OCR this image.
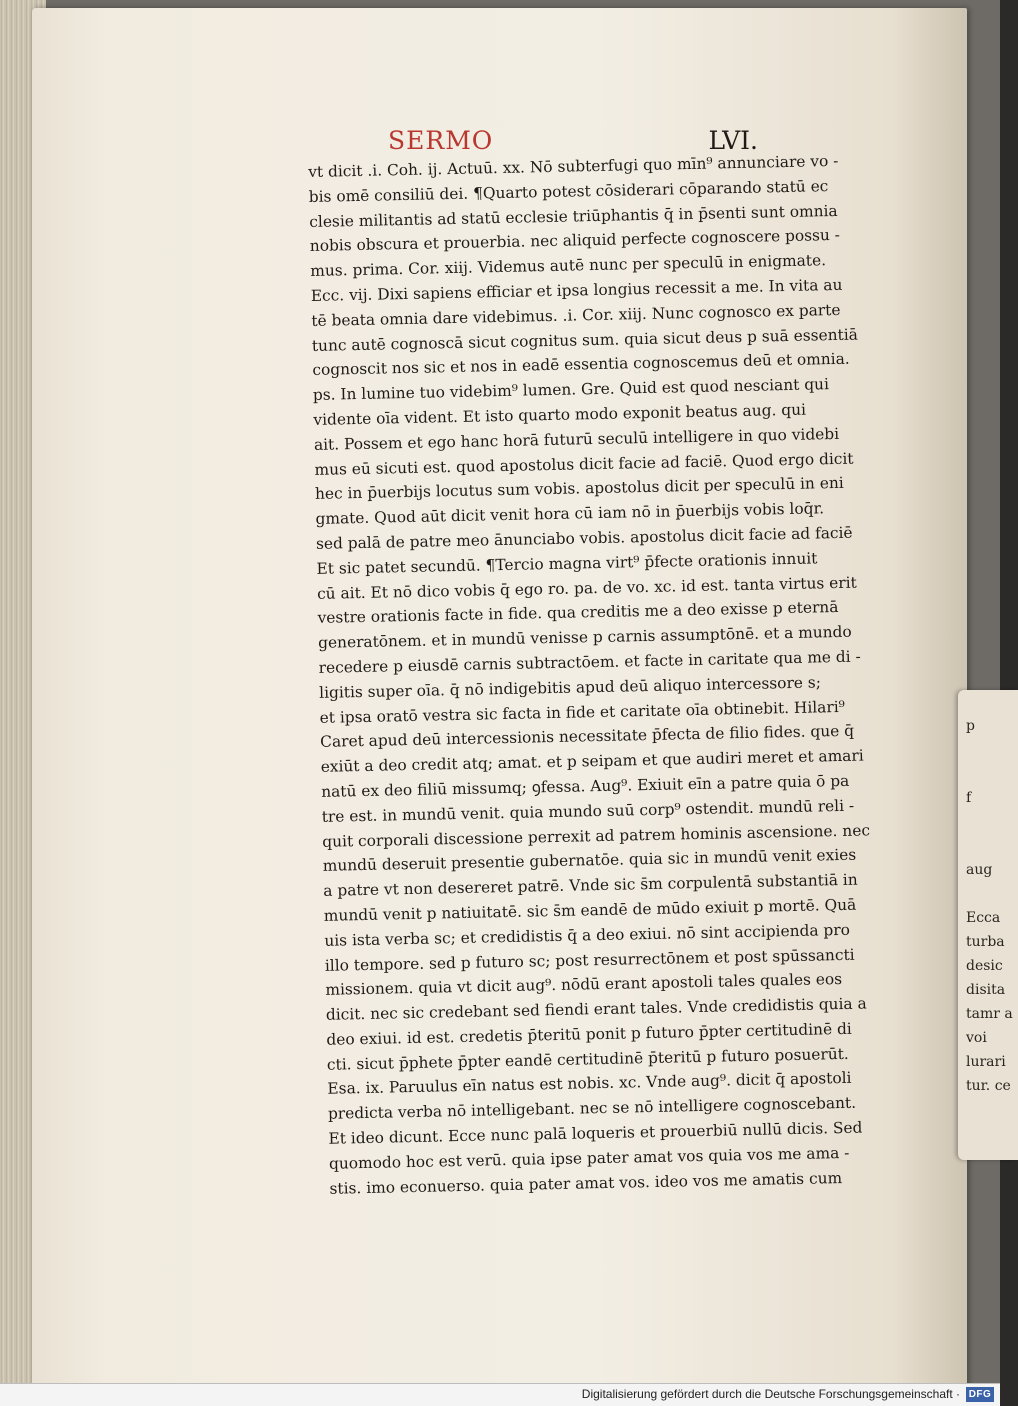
p
f
aug
Ecca
turba
desic
disita
tamr a
voi
lurari
tur. ce
SERMO	LVI.
vt dicit .i. Coh. ij. Actuū. xx. Nō subterfugi quo mīn⁹ annunciare vo ‑
bis omē consiliū dei. ¶Quarto potest cōsiderari cōparando statū ec
clesie militantis ad statū ecclesie triūphantis q̄ in p̄senti sunt omnia
nobis obscura et prouerbia. nec aliquid perfecte cognoscere possu ‑
mus. prima. Cor. xiij. Videmus autē nunc per speculū in enigmate.
Ecc. vij. Dixi sapiens efficiar et ipsa longius recessit a me. In vita au
tē beata omnia dare videbimus. .i. Cor. xiij. Nunc cognosco ex parte
tunc autē cognoscā sicut cognitus sum. quia sicut deus p suā essentiā
cognoscit nos sic et nos in eadē essentia cognoscemus deū et omnia.
ps. In lumine tuo videbim⁹ lumen. Gre. Quid est quod nesciant qui
vidente oīa vident. Et isto quarto modo exponit beatus aug. qui
ait. Possem et ego hanc horā futurū seculū intelligere in quo videbi
mus eū sicuti est. quod apostolus dicit facie ad faciē. Quod ergo dicit
hec in p̄uerbijs locutus sum vobis. apostolus dicit per speculū in eni
gmate. Quod aūt dicit venit hora cū iam nō in p̄uerbijs vobis loq̄r.
sed palā de patre meo ānunciabo vobis. apostolus dicit facie ad faciē
Et sic patet secundū. ¶Tercio magna virt⁹ p̄fecte orationis innuit
cū ait. Et nō dico vobis q̄ ego ro. pa. de vo. xc. id est. tanta virtus erit
vestre orationis facte in fide. qua creditis me a deo exisse p eternā
generatōnem. et in mundū venisse p carnis assumptōnē. et a mundo
recedere p eiusdē carnis subtractōem. et facte in caritate qua me di ‑
ligitis super oīa. q̄ nō indigebitis apud deū aliquo intercessore s;
et ipsa oratō vestra sic facta in fide et caritate oīa obtinebit. Hilari⁹
Caret apud deū intercessionis necessitate p̄fecta de filio fides. que q̄
exiūt a deo credit atq; amat. et p seipam et que audiri meret et amari
natū ex deo filiū missumq; ꝯfessa. Aug⁹. Exiuit eīn a patre quia ō pa
tre est. in mundū venit. quia mundo suū corp⁹ ostendit. mundū reli ‑
quit corporali discessione perrexit ad patrem hominis ascensione. nec
mundū deseruit presentie gubernatōe. quia sic in mundū venit exies
a patre vt non desereret patrē. Vnde sic s̄m corpulentā substantiā in
mundū venit p natiuitatē. sic s̄m eandē de mūdo exiuit p mortē. Quā
uis ista verba sc; et credidistis q̄ a deo exiui. nō sint accipienda pro
illo tempore. sed p futuro sc; post resurrectōnem et post spūssancti
missionem. quia vt dicit aug⁹. nōdū erant apostoli tales quales eos
dicit. nec sic credebant sed fiendi erant tales. Vnde credidistis quia a
deo exiui. id est. credetis p̄teritū ponit p futuro p̄pter certitudinē di
cti. sicut p̄phete p̄pter eandē certitudinē p̄teritū p futuro posuerūt.
Esa. ix. Paruulus eīn natus est nobis. xc. Vnde aug⁹. dicit q̄ apostoli
predicta verba nō intelligebant. nec se nō intelligere cognoscebant.
Et ideo dicunt. Ecce nunc palā loqueris et prouerbiū nullū dicis. Sed
quomodo hoc est verū. quia ipse pater amat vos quia vos me ama ‑
stis. imo econuerso. quia pater amat vos. ideo vos me amatis cum
Digitalisierung gefördert durch die Deutsche Forschungsgemeinschaft · DFG
